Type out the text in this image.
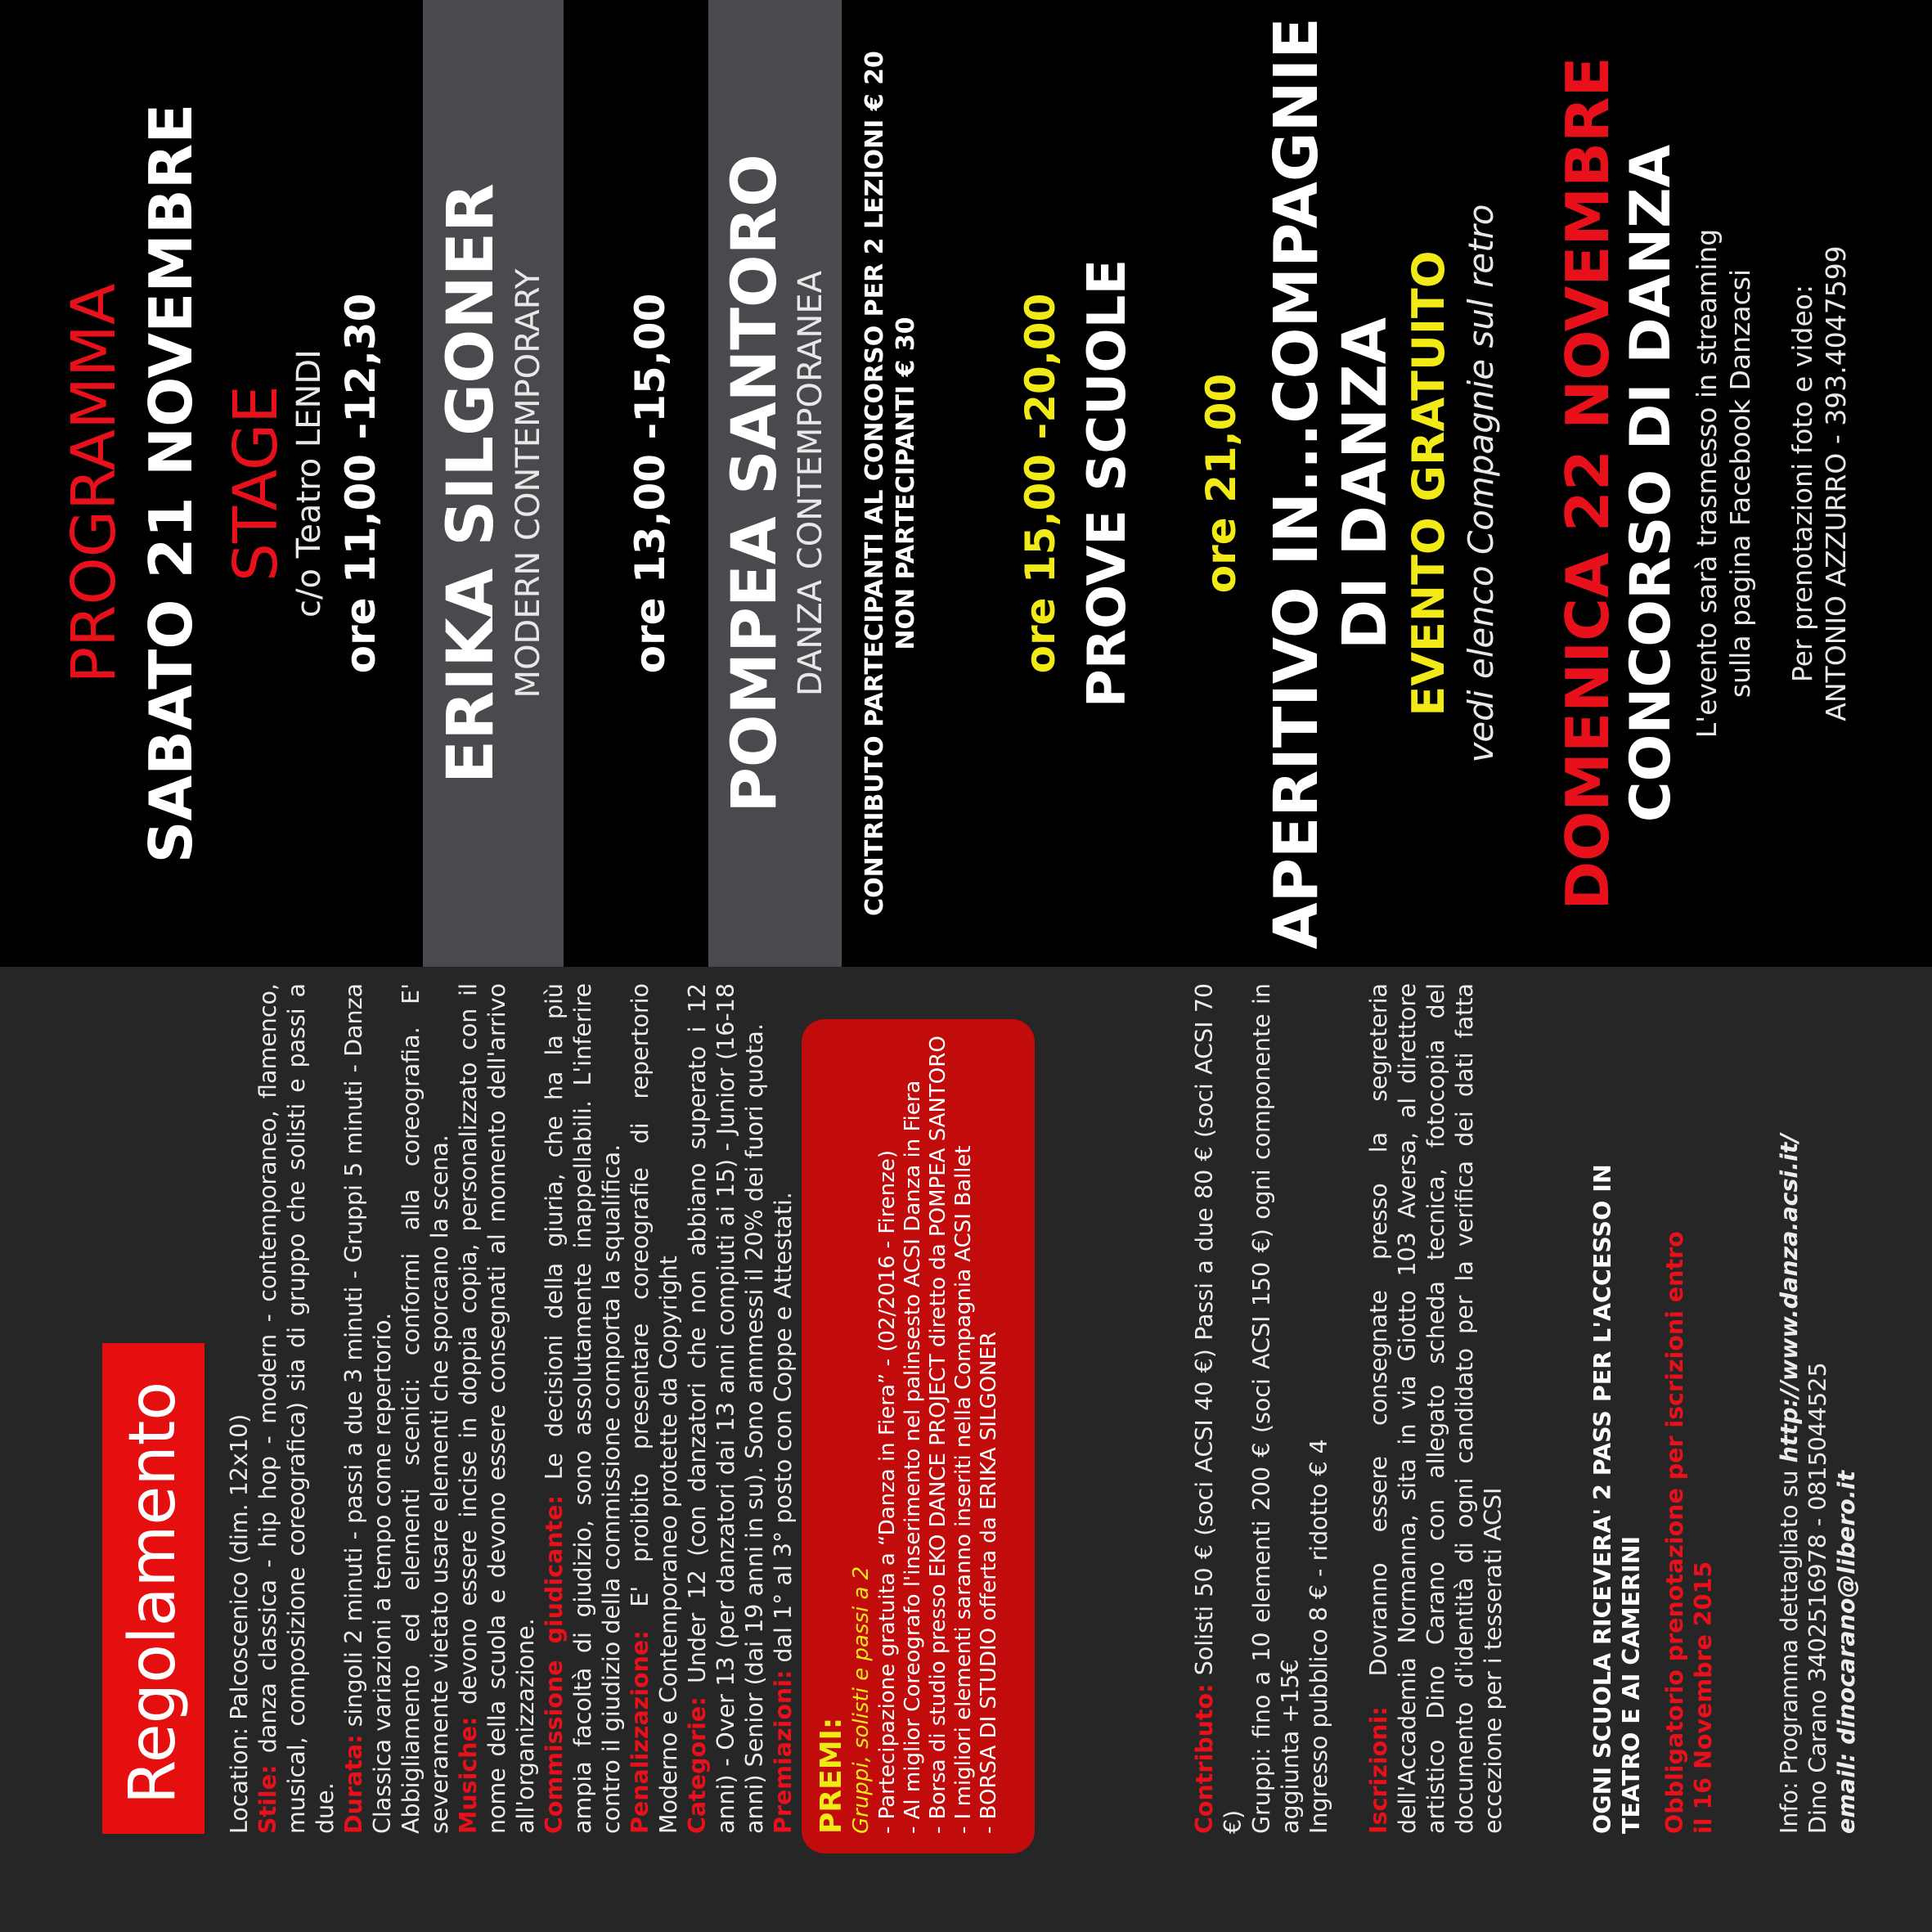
Regolamento	Location: Palcoscenico (dim. 12x10) Stile: danza classica - hip hop - modern - contemporaneo, flamenco, musical, composizione coreografica) sia di gruppo che solisti e passi a due. Durata: singoli 2 minuti - passi a due 3 minuti - Gruppi 5 minuti - Danza Classica variazioni a tempo come repertorio. Abbigliamento ed elementi scenici: conformi alla coreografia. E' severamente vietato usare elementi che sporcano la scena. Musiche: devono essere incise in doppia copia, personalizzato con il nome della scuola e devono essere consegnati al momento dell'arrivo all'organizzazione. Commissione giudicante: Le decisioni della giuria, che ha la più ampia facoltà di giudizio, sono assolutamente inappellabili. L'inferire contro il giudizio della commissione comporta la squalifica. Penalizzazione: E' proibito presentare coreografie di repertorio Moderno e Contemporaneo protette da Copyright Categorie: Under 12 (con danzatori che non abbiano superato i 12 anni) - Over 13 (per danzatori dai 13 anni compiuti ai 15) - Junior (16-18 anni) Senior (dai 19 anni in su). Sono ammessi il 20% dei fuori quota. Premiazioni: dal 1° al 3° posto con Coppe e Attestati.

PREMI: Gruppi, solisti e passi a 2 - Partecipazione gratuita a “Danza in Fiera” - (02/2016 - Firenze) - Al miglior Coreografo l'inserimento nel palinsesto ACSI Danza in Fiera - Borsa di studio presso EKO DANCE PROJECT diretto da POMPEA SANTORO - I migliori elementi saranno inseriti nella Compagnia ACSI Ballet - BORSA DI STUDIO offerta da ERIKA SILGONER	Contributo: Solisti 50 € (soci ACSI 40 €) Passi a due 80 € (soci ACSI 70 €) Gruppi: fino a 10 elementi 200 € (soci ACSI 150 €) ogni componente in aggiunta +15€ Ingresso pubblico 8 € - ridotto € 4 Iscrizioni: Dovranno essere consegnate presso la segreteria dell'Accademia Normanna, sita in via Giotto 103 Aversa, al direttore artistico Dino Carano con allegato scheda tecnica, fotocopia del documento d'identità di ogni candidato per la verifica dei dati fatta eccezione per i tesserati ACSI	OGNI SCUOLA RICEVERA' 2 PASS PER L'ACCESSO IN TEATRO E AI CAMERINI Obbligatorio prenotazione per iscrizioni entro il 16 Novembre 2015	Info: Programma dettagliato su http://www.danza.acsi.it/
Dino Carano 3402516978 - 0815044525 email: dinocarano@libero.it
PROGRAMMA SABATO 21 NOVEMBRE STAGE c/o Teatro LENDI ore 11,00 -12,30 ERIKA SILGONER MODERN CONTEMPORARY ore 13,00 -15,00 POMPEA SANTORO DANZA CONTEMPORANEA CONTRIBUTO PARTECIPANTI AL CONCORSO PER 2 LEZIONI € 20 NON PARTECIPANTI € 30 ore 15,00 -20,00 PROVE SCUOLE ore 21,00 APERITIVO IN...COMPAGNIE
DI DANZA EVENTO GRATUITO vedi elenco Compagnie sul retro DOMENICA 22 NOVEMBRE
CONCORSO DI DANZA L'evento sarà trasmesso in streaming sulla pagina Facebook Danzacsi Per prenotazioni foto e video: ANTONIO AZZURRO - 393.4047599
